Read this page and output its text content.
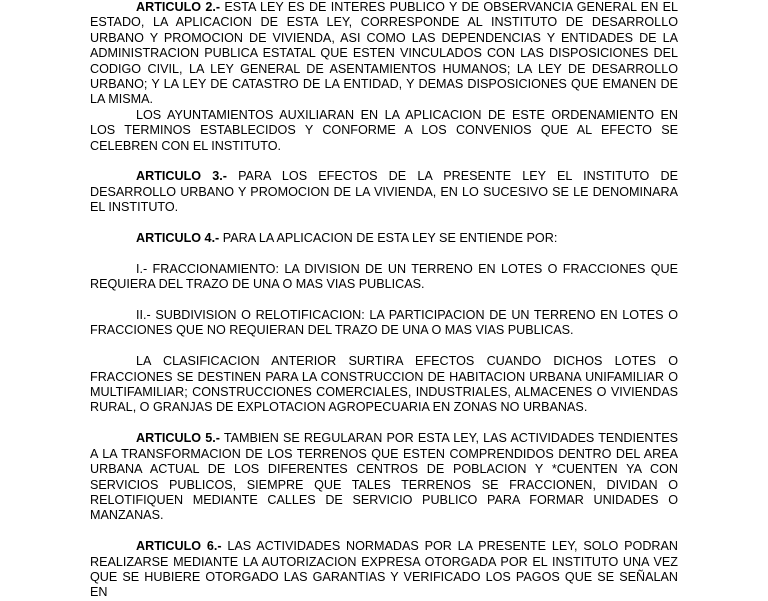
ARTICULO 2.- ESTA LEY ES DE INTERES PUBLICO Y DE OBSERVANCIA GENERAL EN EL ESTADO, LA APLICACION DE ESTA LEY, CORRESPONDE AL INSTITUTO DE DESARROLLO URBANO Y PROMOCION DE VIVIENDA, ASI COMO LAS DEPENDENCIAS Y ENTIDADES DE LA ADMINISTRACION PUBLICA ESTATAL QUE ESTEN VINCULADOS CON LAS DISPOSICIONES DEL CODIGO CIVIL, LA LEY GENERAL DE ASENTAMIENTOS HUMANOS; LA LEY DE DESARROLLO URBANO; Y LA LEY DE CATASTRO DE LA ENTIDAD, Y DEMAS DISPOSICIONES QUE EMANEN DE LA MISMA.

LOS AYUNTAMIENTOS AUXILIARAN EN LA APLICACION DE ESTE ORDENAMIENTO EN LOS TERMINOS ESTABLECIDOS Y CONFORME A LOS CONVENIOS QUE AL EFECTO SE CELEBREN CON EL INSTITUTO.

ARTICULO 3.- PARA LOS EFECTOS DE LA PRESENTE LEY EL INSTITUTO DE DESARROLLO URBANO Y PROMOCION DE LA VIVIENDA, EN LO SUCESIVO SE LE DENOMINARA EL INSTITUTO.

ARTICULO 4.- PARA LA APLICACION DE ESTA LEY SE ENTIENDE POR:

I.- FRACCIONAMIENTO: LA DIVISION DE UN TERRENO EN LOTES O FRACCIONES QUE REQUIERA DEL TRAZO DE UNA O MAS VIAS PUBLICAS.

II.- SUBDIVISION O RELOTIFICACION: LA PARTICIPACION DE UN TERRENO EN LOTES O FRACCIONES QUE NO REQUIERAN DEL TRAZO DE UNA O MAS VIAS PUBLICAS.

LA CLASIFICACION ANTERIOR SURTIRA EFECTOS CUANDO DICHOS LOTES O FRACCIONES SE DESTINEN PARA LA CONSTRUCCION DE HABITACION URBANA UNIFAMILIAR O MULTIFAMILIAR; CONSTRUCCIONES COMERCIALES, INDUSTRIALES, ALMACENES O VIVIENDAS RURAL, O GRANJAS DE EXPLOTACION AGROPECUARIA EN ZONAS NO URBANAS.

ARTICULO 5.- TAMBIEN SE REGULARAN POR ESTA LEY, LAS ACTIVIDADES TENDIENTES A LA TRANSFORMACION DE LOS TERRENOS QUE ESTEN COMPRENDIDOS DENTRO DEL AREA URBANA ACTUAL DE LOS DIFERENTES CENTROS DE POBLACION Y *CUENTEN YA CON SERVICIOS PUBLICOS, SIEMPRE QUE TALES TERRENOS SE FRACCIONEN, DIVIDAN O RELOTIFIQUEN MEDIANTE CALLES DE SERVICIO PUBLICO PARA FORMAR UNIDADES O MANZANAS.

ARTICULO 6.- LAS ACTIVIDADES NORMADAS POR LA PRESENTE LEY, SOLO PODRAN REALIZARSE MEDIANTE LA AUTORIZACION EXPRESA OTORGADA POR EL INSTITUTO UNA VEZ QUE SE HUBIERE OTORGADO LAS GARANTIAS Y VERIFICADO LOS PAGOS QUE SE SEÑALAN EN
